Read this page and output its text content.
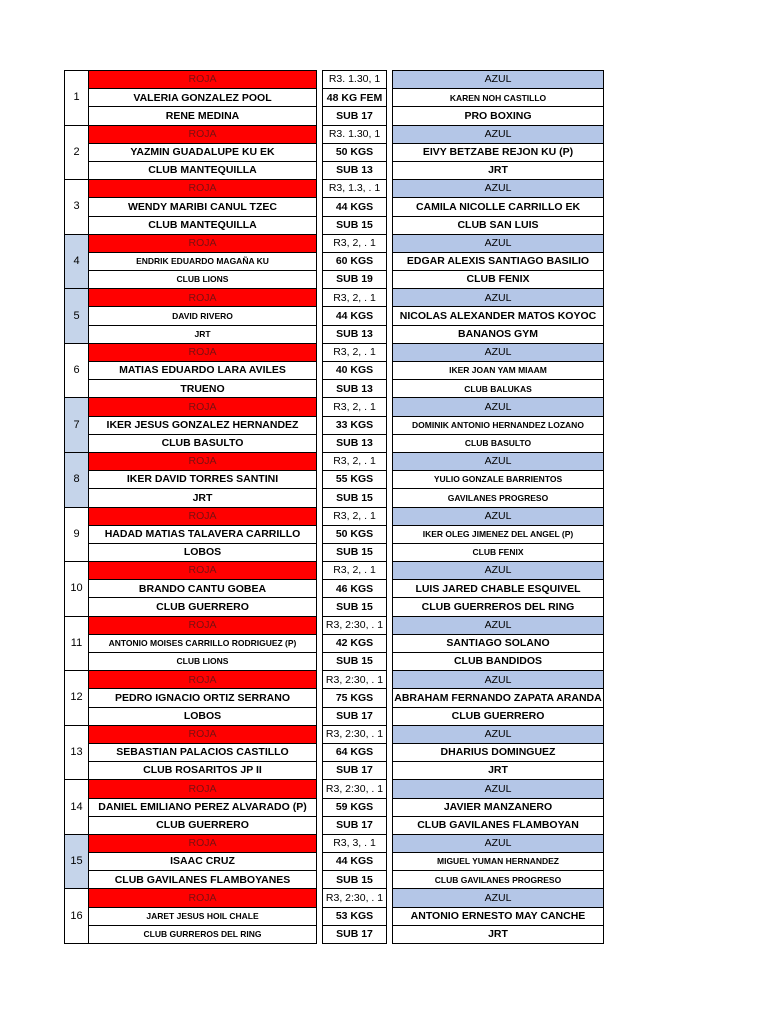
1	ROJA		R3. 1.30, 1		AZUL
	VALERIA GONZALEZ POOL		48 KG FEM		KAREN NOH CASTILLO
	RENE MEDINA		SUB 17		PRO BOXING
2	ROJA		R3. 1.30, 1		AZUL
	YAZMIN GUADALUPE KU EK		50 KGS		EIVY BETZABE REJON KU (P)
	CLUB MANTEQUILLA		SUB 13		JRT
3	ROJA		R3, 1.3, . 1		AZUL
	WENDY MARIBI CANUL TZEC		44 KGS		CAMILA NICOLLE CARRILLO EK
	CLUB MANTEQUILLA		SUB 15		CLUB SAN LUIS
4	ROJA		R3, 2, . 1		AZUL
	ENDRIK EDUARDO MAGAÑA KU		60 KGS		EDGAR ALEXIS SANTIAGO BASILIO
	CLUB LIONS		SUB 19		CLUB FENIX
5	ROJA		R3, 2, . 1		AZUL
	DAVID RIVERO		44 KGS		NICOLAS ALEXANDER MATOS KOYOC
	JRT		SUB 13		BANANOS GYM
6	ROJA		R3, 2, . 1		AZUL
	MATIAS EDUARDO LARA AVILES		40 KGS		IKER JOAN YAM MIAAM
	TRUENO		SUB 13		CLUB BALUKAS
7	ROJA		R3, 2, . 1		AZUL
	IKER JESUS GONZALEZ HERNANDEZ		33 KGS		DOMINIK ANTONIO HERNANDEZ LOZANO
	CLUB BASULTO		SUB 13		CLUB BASULTO
8	ROJA		R3, 2, . 1		AZUL
	IKER DAVID TORRES SANTINI		55 KGS		YULIO GONZALE BARRIENTOS
	JRT		SUB 15		GAVILANES PROGRESO
9	ROJA		R3, 2, . 1		AZUL
	HADAD MATIAS TALAVERA CARRILLO		50 KGS		IKER OLEG JIMENEZ DEL ANGEL (P)
	LOBOS		SUB 15		CLUB FENIX
10	ROJA		R3, 2, . 1		AZUL
	BRANDO CANTU GOBEA		46 KGS		LUIS JARED CHABLE ESQUIVEL
	CLUB GUERRERO		SUB 15		CLUB GUERREROS DEL RING
11	ROJA		R3, 2:30, . 1		AZUL
	ANTONIO MOISES CARRILLO RODRIGUEZ (P)		42 KGS		SANTIAGO SOLANO
	CLUB LIONS		SUB 15		CLUB BANDIDOS
12	ROJA		R3, 2:30, . 1		AZUL
	PEDRO IGNACIO ORTIZ SERRANO		75 KGS		ABRAHAM FERNANDO ZAPATA ARANDA
	LOBOS		SUB 17		CLUB GUERRERO
13	ROJA		R3, 2:30, . 1		AZUL
	SEBASTIAN PALACIOS CASTILLO		64 KGS		DHARIUS DOMINGUEZ
	CLUB ROSARITOS JP II		SUB 17		JRT
14	ROJA		R3, 2:30, . 1		AZUL
	DANIEL EMILIANO PEREZ ALVARADO (P)		59 KGS		JAVIER MANZANERO
	CLUB GUERRERO		SUB 17		CLUB GAVILANES FLAMBOYAN
15	ROJA		R3, 3, . 1		AZUL
	ISAAC CRUZ		44 KGS		MIGUEL YUMAN HERNANDEZ
	CLUB GAVILANES FLAMBOYANES		SUB 15		CLUB GAVILANES PROGRESO
16	ROJA		R3, 2:30, . 1		AZUL
	JARET JESUS HOIL CHALE		53 KGS		ANTONIO ERNESTO MAY CANCHE
	CLUB GURREROS DEL RING		SUB 17		JRT
